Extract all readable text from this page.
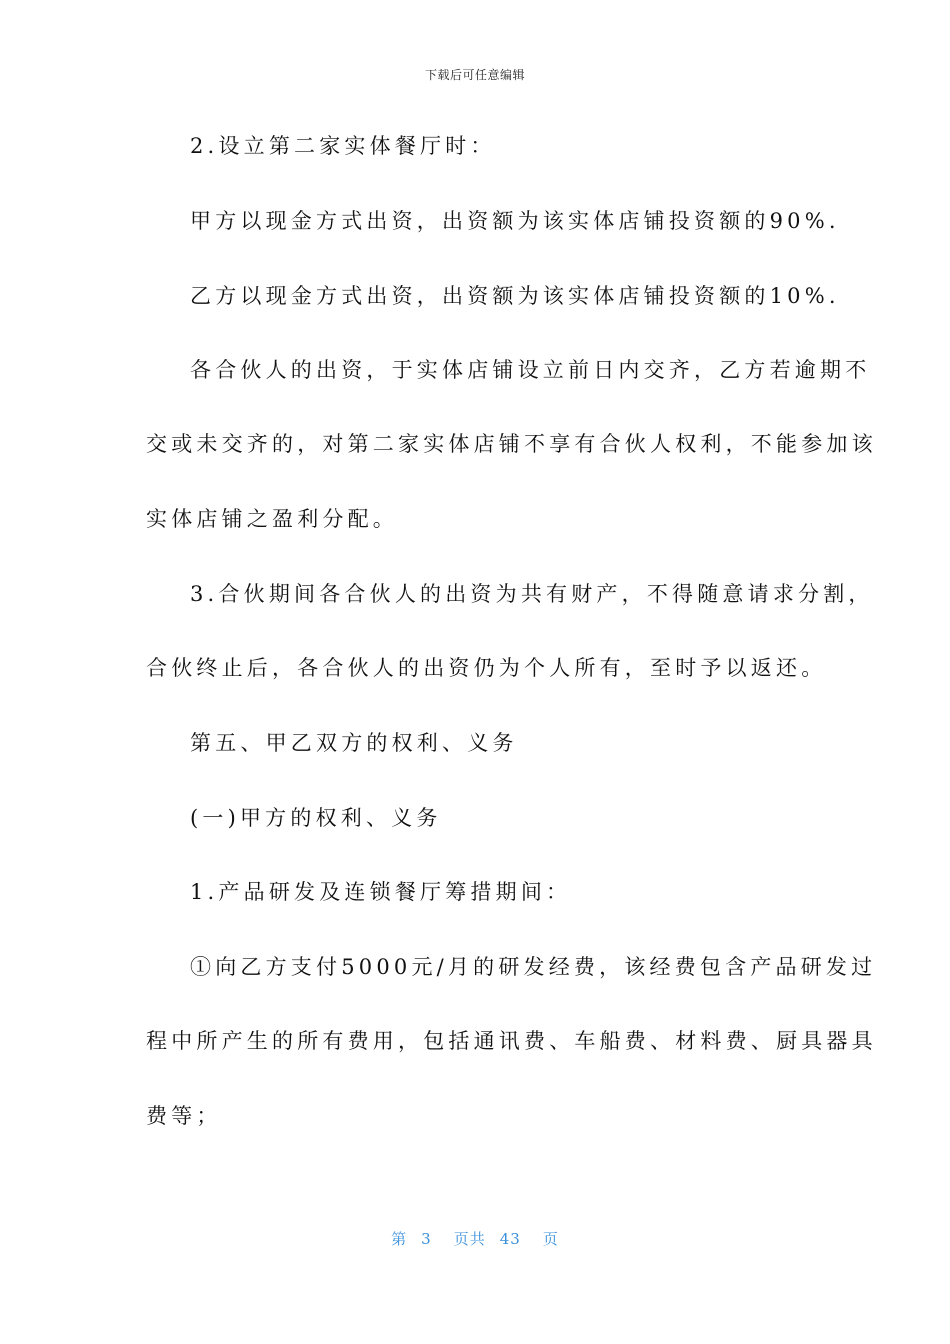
下载后可任意编辑
2.设立第二家实体餐厅时：
甲方以现金方式出资，出资额为该实体店铺投资额的90%.
乙方以现金方式出资，出资额为该实体店铺投资额的10%.
各合伙人的出资，于实体店铺设立前日内交齐，乙方若逾期不
交或未交齐的，对第二家实体店铺不享有合伙人权利，不能参加该
实体店铺之盈利分配。
3.合伙期间各合伙人的出资为共有财产，不得随意请求分割，
合伙终止后，各合伙人的出资仍为个人所有，至时予以返还。
第五、甲乙双方的权利、义务
(一)甲方的权利、义务
1.产品研发及连锁餐厅筹措期间：
①向乙方支付5000元/月的研发经费，该经费包含产品研发过
程中所产生的所有费用，包括通讯费、车船费、材料费、厨具器具
费等；
第 3 页共 43 页
